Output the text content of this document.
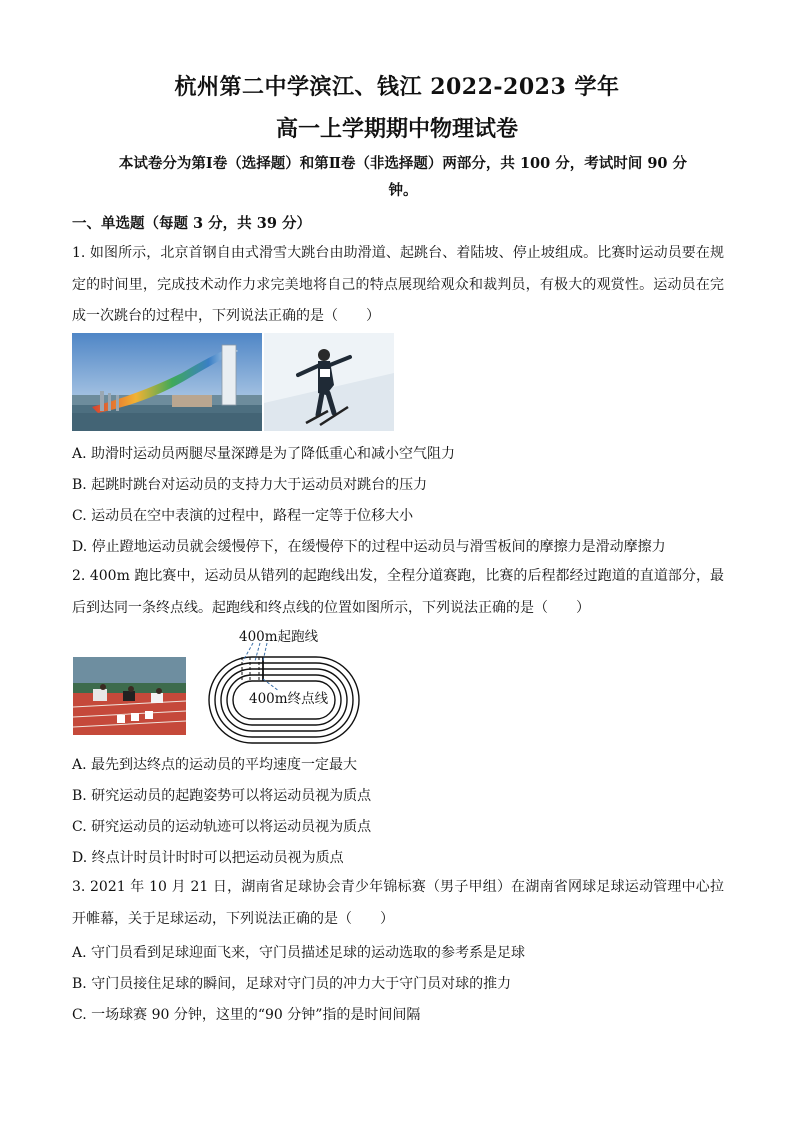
杭州第二中学滨江、钱江 2022-2023 学年
高一上学期期中物理试卷
本试卷分为第Ⅰ卷（选择题）和第Ⅱ卷（非选择题）两部分，共 100 分，考试时间 90 分
钟。
一、单选题（每题 3 分，共 39 分）
1. 如图所示，北京首钢自由式滑雪大跳台由助滑道、起跳台、着陆坡、停止坡组成。比赛时运动员要在规定的时间里，完成技术动作力求完美地将自己的特点展现给观众和裁判员，有极大的观赏性。运动员在完成一次跳台的过程中，下列说法正确的是（　　）
A. 助滑时运动员两腿尽量深蹲是为了降低重心和减小空气阻力
B. 起跳时跳台对运动员的支持力大于运动员对跳台的压力
C. 运动员在空中表演的过程中，路程一定等于位移大小
D. 停止蹬地运动员就会缓慢停下，在缓慢停下的过程中运动员与滑雪板间的摩擦力是滑动摩擦力
2. 400m 跑比赛中，运动员从错列的起跑线出发，全程分道赛跑，比赛的后程都经过跑道的直道部分，最后到达同一条终点线。起跑线和终点线的位置如图所示，下列说法正确的是（　　）
400m起跑线
400m终点线
A. 最先到达终点的运动员的平均速度一定最大
B. 研究运动员的起跑姿势可以将运动员视为质点
C. 研究运动员的运动轨迹可以将运动员视为质点
D. 终点计时员计时时可以把运动员视为质点
3. 2021 年 10 月 21 日，湖南省足球协会青少年锦标赛（男子甲组）在湖南省网球足球运动管理中心拉开帷幕，关于足球运动，下列说法正确的是（　　）
A. 守门员看到足球迎面飞来，守门员描述足球的运动选取的参考系是足球
B. 守门员接住足球的瞬间，足球对守门员的冲力大于守门员对球的推力
C. 一场球赛 90 分钟，这里的“90 分钟”指的是时间间隔
